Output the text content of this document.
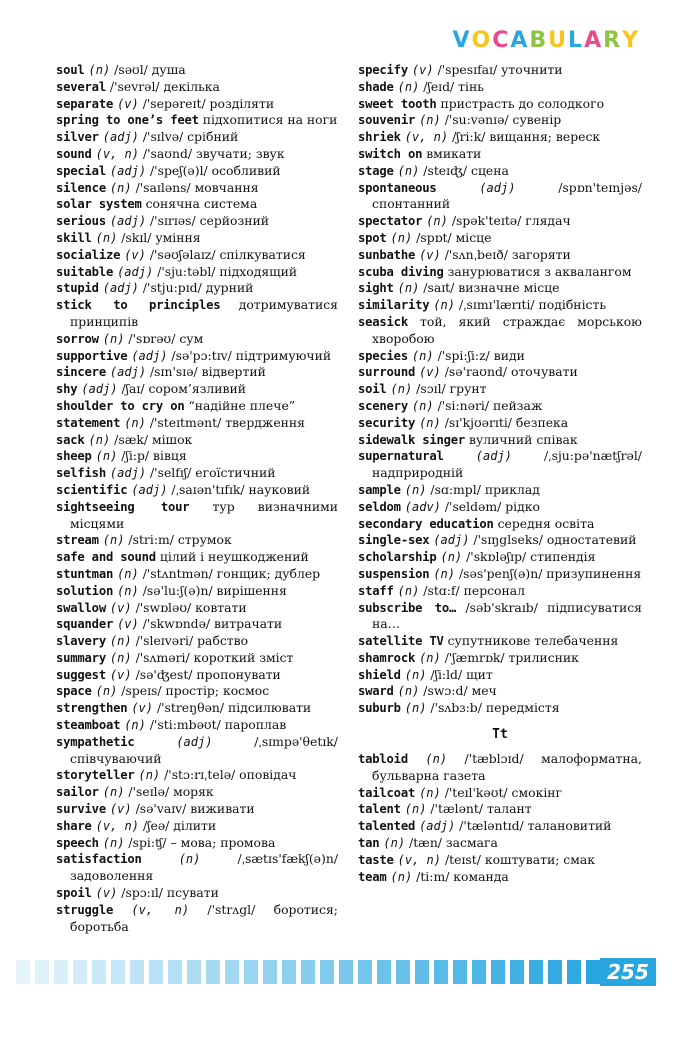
VOCABULARY
soul (n) /sәʊl/ душа
several /'sevrәl/ декілька
separate (v) /'sepәreɪt/ розділяти
spring to one’s feet підхопитися на ноги
silver (adj) /'sɪlvә/ срібний
sound (v, n) /'saʊnd/ звучати; звук
special (adj) /'speʃ(ә)l/ особливий
silence (n) /'saɪlәns/ мовчання
solar system сонячна система
serious (adj) /'sɪrɪәs/ серйозний
skill (n) /skɪl/ уміння
socialize (v) /'sәʊʃәlaɪz/ спілкуватися
suitable (adj) /'sju:tәbl/ підходящий
stupid (adj) /'stju:pɪd/ дурний
stick to principles дотримуватися принципів
sorrow (n) /'sɒrәʊ/ сум
supportive (adj) /sә'pɔ:tɪv/ підтримуючий
sincere (adj) /sɪn'sɪә/ відвертий
shy (adj) /ʃaɪ/ сором’язливий
shoulder to cry on “надійне плече”
statement (n) /'steɪtmәnt/ твердження
sack (n) /sæk/ мішок
sheep (n) /ʃi:p/ вівця
selfish (adj) /'selfɪʃ/ егоїстичний
scientific (adj) /ˌsaɪәn'tɪfɪk/ науковий
sightseeing tour тур визначними місцями
stream (n) /stri:m/ струмок
safe and sound цілий і неушкоджений
stuntman (n) /'stʌntmәn/ гонщик; дублер
solution (n) /sә'lu:ʃ(ә)n/ вирішення
swallow (v) /'swɒlәʊ/ ковтати
squander (v) /'skwɒndә/ витрачати
slavery (n) /'sleɪvәri/ рабство
summary (n) /'sʌmәri/ короткий зміст
suggest (v) /sә'ʤest/ пропонувати
space (n) /speɪs/ простір; космос
strengthen (v) /'streŋθәn/ підсилювати
steamboat (n) /'sti:mbәʊt/ пароплав
sympathetic	(adj)	/ˌsɪmpә'θetɪk/ співчуваючий
storyteller (n) /'stɔ:rɪˌtelә/ оповідач
sailor (n) /'seɪlә/ моряк
survive (v) /sә'vaɪv/ виживати
share (v, n) /ʃeә/ ділити
speech (n) /spi:ʧ/ – мова; промова
satisfaction	(n)	/ˌsætɪs'fækʃ(ә)n/ задоволення
spoil (v) /spɔ:ɪl/ псувати
struggle (v, n) /'strʌgl/ боротися; боротьба
specify (v) /'spesɪfaɪ/ уточнити
shade (n) /ʃeɪd/ тінь
sweet tooth пристрасть до солодкого
souvenir (n) /'su:vәnɪә/ сувенір
shriek (v, n) /ʃri:k/ вищання; вереск
switch on вмикати
stage (n) /steɪʤ/ сцена
spontaneous	(adj)	/spɒn'teɪnjәs/ спонтанний
spectator (n) /spәk'teɪtә/ глядач
spot (n) /spɒt/ місце
sunbathe (v) /'sʌnˌbeɪð/ загоряти
scuba diving занурюватися з аквалангом
sight (n) /saɪt/ визначне місце
similarity (n) /ˌsɪmɪ'lærɪti/ подібність
seasick той, який страждає морською хворобою
species (n) /'spi:ʃi:z/ види
surround (v) /sә'raʊnd/ оточувати
soil (n) /sɔɪl/ грунт
scenery (n) /'si:nәri/ пейзаж
security (n) /sɪ'kjʊәrɪti/ безпека
sidewalk singer вуличний співак
supernatural	(adj)	/ˌsju:pә'nætʃrәl/ надприродній
sample (n) /sɑ:mpl/ приклад
seldom (adv) /'seldәm/ рідко
secondary education середня освіта
single-sex (adj) /'sɪŋglseks/ одностатевий
scholarship (n) /'skɒlәʃɪp/ стипендія
suspension (n) /sәs'penʃ(ә)n/ призупинення
staff (n) /stɑ:f/ персонал
subscribe to… /sәb'skraɪb/ підписуватися на…
satellite TV супутникове телебачення
shamrock (n) /'ʃæmrɒk/ трилисник
shield (n) /ʃi:ld/ щит
sward (n) /swɔ:d/ меч
suburb (n) /'sʌbɜ:b/ передмістя
Tt
tabloid (n) /'tæblɔɪd/ малоформатна, бульварна газета
tailcoat (n) /'teɪl'kәʊt/ смокінг
talent (n) /'tælәnt/ талант
talented (adj) /'tælәntɪd/ талановитий
tan (n) /tæn/ засмага
taste (v, n) /teɪst/ коштувати; смак
team (n) /ti:m/ команда
255
